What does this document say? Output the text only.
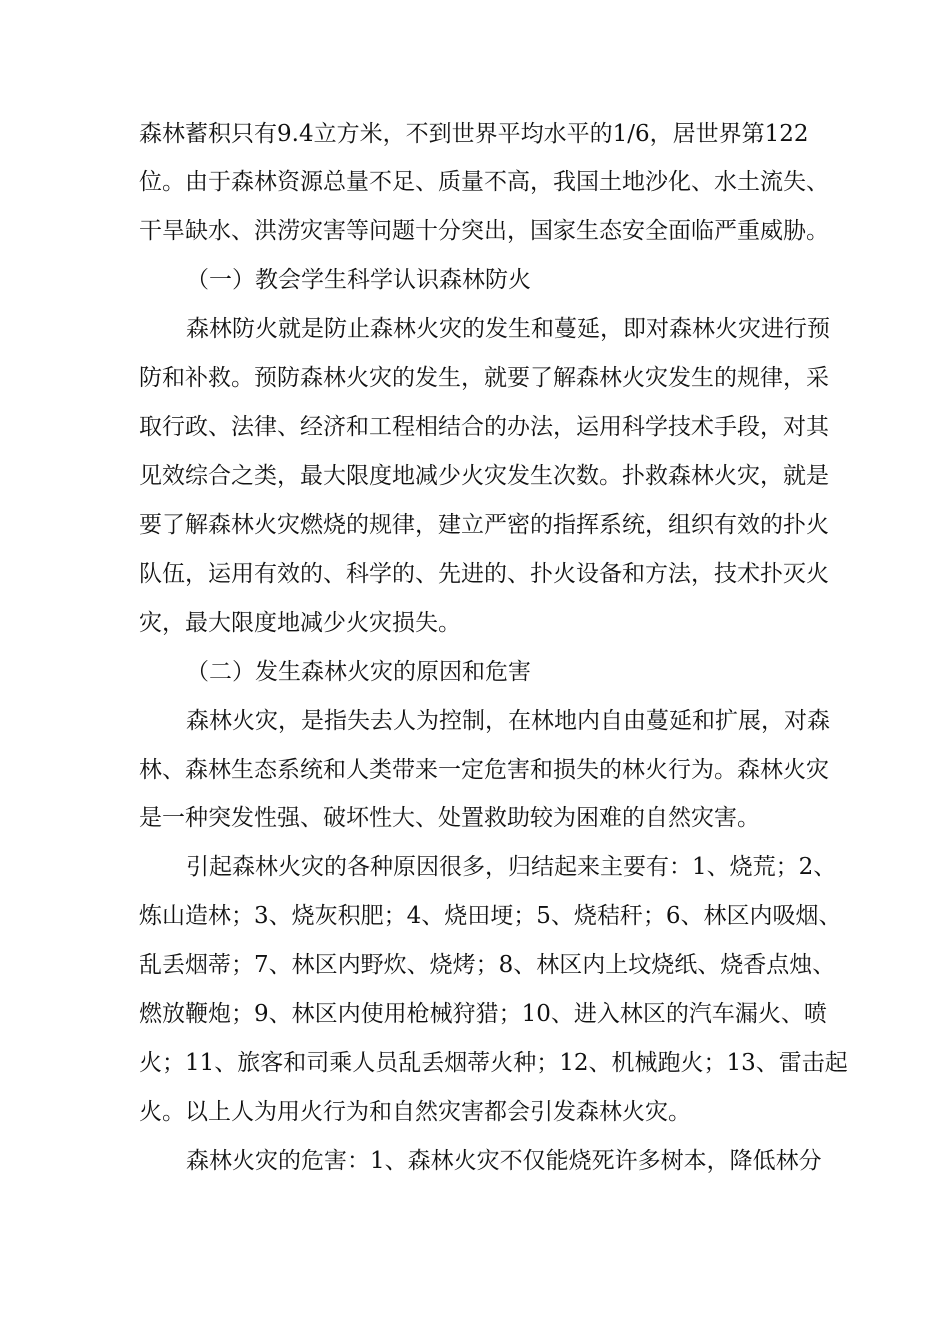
森林蓄积只有9.4立方米，不到世界平均水平的1/6，居世界第122

位。由于森林资源总量不足、质量不高，我国土地沙化、水土流失、

干旱缺水、洪涝灾害等问题十分突出，国家生态安全面临严重威胁。

（一）教会学生科学认识森林防火

森林防火就是防止森林火灾的发生和蔓延，即对森林火灾进行预

防和补救。预防森林火灾的发生，就要了解森林火灾发生的规律，采

取行政、法律、经济和工程相结合的办法，运用科学技术手段，对其

见效综合之类，最大限度地减少火灾发生次数。扑救森林火灾，就是

要了解森林火灾燃烧的规律，建立严密的指挥系统，组织有效的扑火

队伍，运用有效的、科学的、先进的、扑火设备和方法，技术扑灭火

灾，最大限度地减少火灾损失。

（二）发生森林火灾的原因和危害

森林火灾，是指失去人为控制，在林地内自由蔓延和扩展，对森

林、森林生态系统和人类带来一定危害和损失的林火行为。森林火灾

是一种突发性强、破坏性大、处置救助较为困难的自然灾害。

引起森林火灾的各种原因很多，归结起来主要有：1、烧荒；2、

炼山造林；3、烧灰积肥；4、烧田埂；5、烧秸秆；6、林区内吸烟、

乱丢烟蒂；7、林区内野炊、烧烤；8、林区内上坟烧纸、烧香点烛、

燃放鞭炮；9、林区内使用枪械狩猎；10、进入林区的汽车漏火、喷

火；11、旅客和司乘人员乱丢烟蒂火种；12、机械跑火；13、雷击起

火。以上人为用火行为和自然灾害都会引发森林火灾。

森林火灾的危害：1、森林火灾不仅能烧死许多树本，降低林分
